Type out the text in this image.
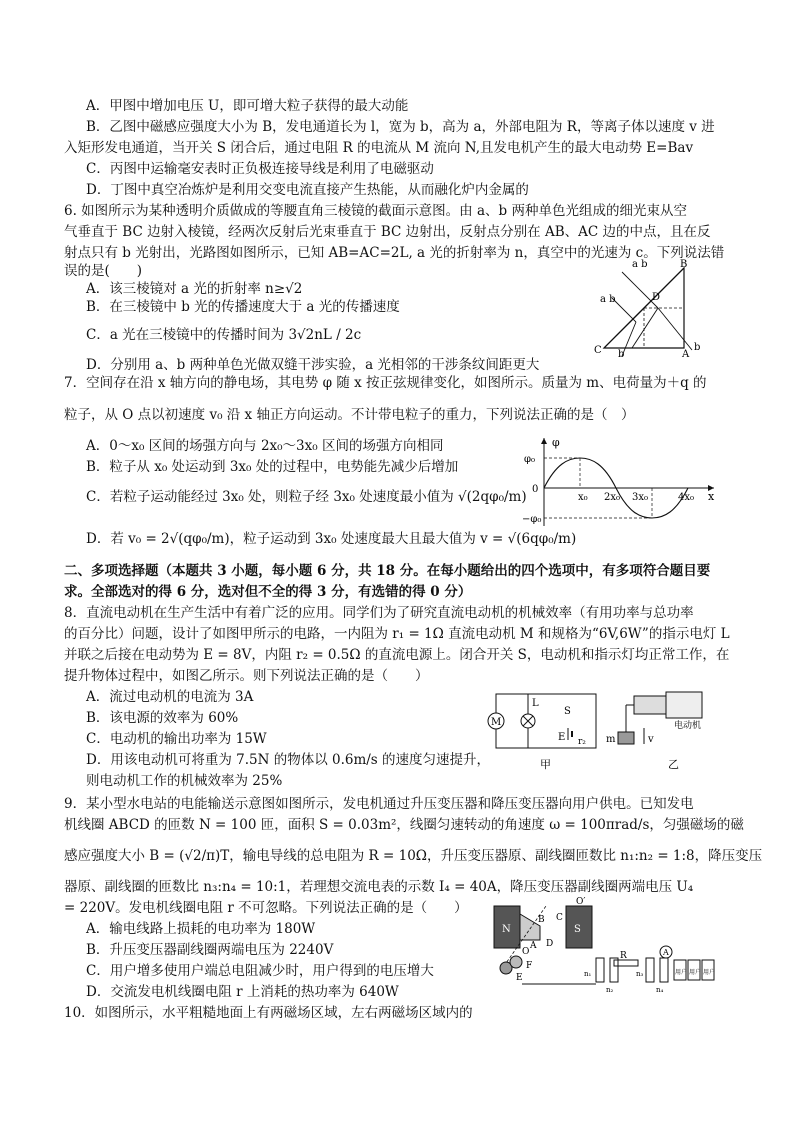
A．甲图中增加电压 U，即可增大粒子获得的最大动能
B．乙图中磁感应强度大小为 B，发电通道长为 l，宽为 b，高为 a，外部电阻为 R，等离子体以速度 v 进
入矩形发电通道，当开关 S 闭合后，通过电阻 R 的电流从 M 流向 N,且发电机产生的最大电动势 E=Bav
C．丙图中运输毫安表时正负极连接导线是利用了电磁驱动
D．丁图中真空冶炼炉是利用交变电流直接产生热能，从而融化炉内金属的
6. 如图所示为某种透明介质做成的等腰直角三棱镜的截面示意图。由 a、b 两种单色光组成的细光束从空
气垂直于 BC 边射入棱镜，经两次反射后光束垂直于 BC 边射出，反射点分别在 AB、AC 边的中点，且在反
射点只有 b 光射出，光路图如图所示，已知 AB=AC=2L, a 光的折射率为 n，真空中的光速为 c。下列说法错
误的是(　　)
A．该三棱镜对 a 光的折射率 n≥√2
B．在三棱镜中 b 光的传播速度大于 a 光的传播速度
C．a 光在三棱镜中的传播时间为 3√2nL / 2c
D．分别用 a、b 两种单色光做双缝干涉实验，a 光相邻的干涉条纹间距更大
a b	B
a b	D
C	A
b
b
7．空间存在沿 x 轴方向的静电场，其电势 φ 随 x 按正弦规律变化，如图所示。质量为 m、电荷量为＋q 的
粒子，从 O 点以初速度 v₀ 沿 x 轴正方向运动。不计带电粒子的重力，下列说法正确的是（　）
A．0～x₀ 区间的场强方向与 2x₀～3x₀ 区间的场强方向相同
B．粒子从 x₀ 处运动到 3x₀ 处的过程中，电势能先减少后增加
C．若粒子运动能经过 3x₀ 处，则粒子经 3x₀ 处速度最小值为 √(2qφ₀/m)
D．若 v₀ = 2√(qφ₀/m)，粒子运动到 3x₀ 处速度最大且最大值为 v = √(6qφ₀/m)
φ
φ₀
0
x₀ 2x₀ 3x₀	4x₀ x
−φ₀
二、多项选择题（本题共 3 小题，每小题 6 分，共 18 分。在每小题给出的四个选项中，有多项符合题目要
求。全部选对的得 6 分，选对但不全的得 3 分，有选错的得 0 分）
8．直流电动机在生产生活中有着广泛的应用。同学们为了研究直流电动机的机械效率（有用功率与总功率
的百分比）问题，设计了如图甲所示的电路，一内阻为 r₁ = 1Ω 直流电动机 M 和规格为“6V,6W”的指示电灯 L
并联之后接在电动势为 E = 8V，内阻 r₂ = 0.5Ω 的直流电源上。闭合开关 S，电动机和指示灯均正常工作，在
提升物体过程中，如图乙所示。则下列说法正确的是（　　）
A．流过电动机的电流为 3A
B．该电源的效率为 60%
C．电动机的输出功率为 15W
D．用该电动机可将重为 7.5N 的物体以 0.6m/s 的速度匀速提升，
则电动机工作的机械效率为 25%
M
L
S
E r₂
甲
电动机
m	v
乙
9．某小型水电站的电能输送示意图如图所示，发电机通过升压变压器和降压变压器向用户供电。已知发电
机线圈 ABCD 的匝数 N = 100 匝，面积 S = 0.03m²，线圈匀速转动的角速度 ω = 100πrad/s，匀强磁场的磁
感应强度大小 B = (√2/π)T，输电导线的总电阻为 R = 10Ω，升压变压器原、副线圈匝数比 n₁:n₂ = 1:8，降压变压
器原、副线圈的匝数比 n₃:n₄ = 10:1，若理想交流电表的示数 I₄ = 40A，降压变压器副线圈两端电压 U₄
= 220V。发电机线圈电阻 r 不可忽略。下列说法正确的是（　　）
A．输电线路上损耗的电功率为 180W
B．升压变压器副线圈两端电压为 2240V
C．用户增多使用户端总电阻减少时，用户得到的电压增大
D．交流发电机线圈电阻 r 上消耗的热功率为 640W
10．如图所示，水平粗糙地面上有两磁场区域，左右两磁场区域内的
O′
B C
N	S
A D
O
F
E
R	A
n₁
n₂
n₃
n₄
用户 用户 用户
